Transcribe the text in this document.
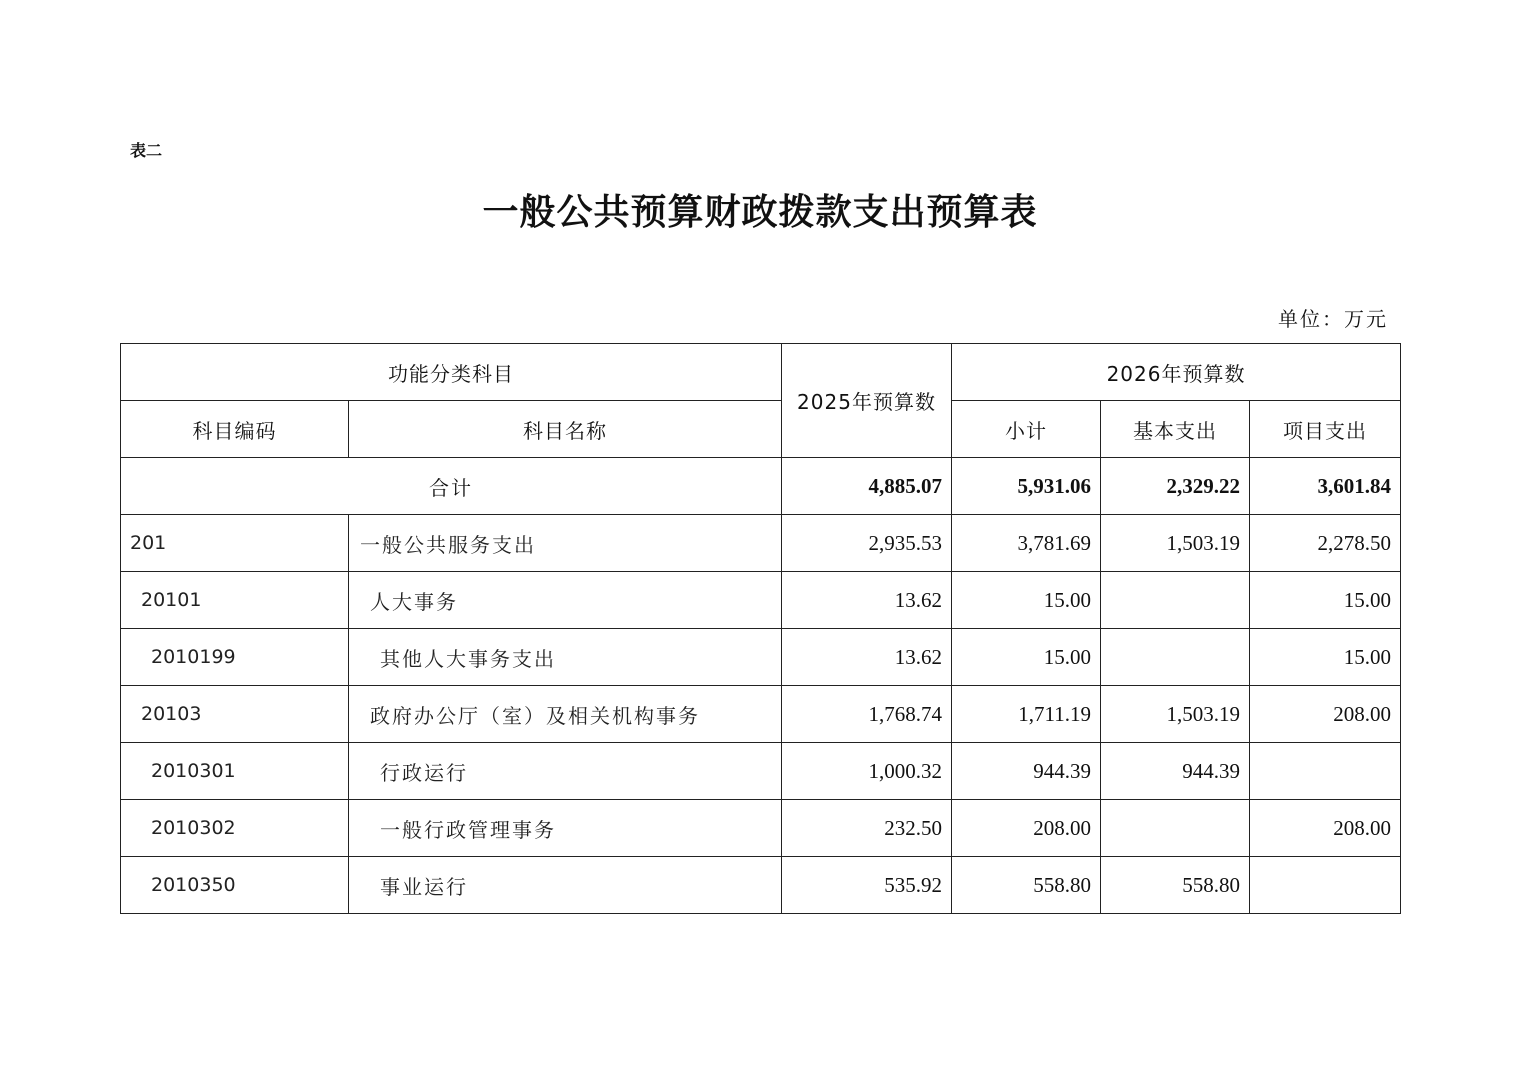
表二
一般公共预算财政拨款支出预算表
单位：万元
功能分类科目		2025年预算数	2026年预算数		
科目编码	科目名称		小计	基本支出	项目支出
合计		4,885.07	5,931.06	2,329.22	3,601.84
201	一般公共服务支出	2,935.53	3,781.69	1,503.19	2,278.50
20101	人大事务	13.62	15.00		15.00
2010199	其他人大事务支出	13.62	15.00		15.00
20103	政府办公厅（室）及相关机构事务	1,768.74	1,711.19	1,503.19	208.00
2010301	行政运行	1,000.32	944.39	944.39	
2010302	一般行政管理事务	232.50	208.00		208.00
2010350	事业运行	535.92	558.80	558.80	
